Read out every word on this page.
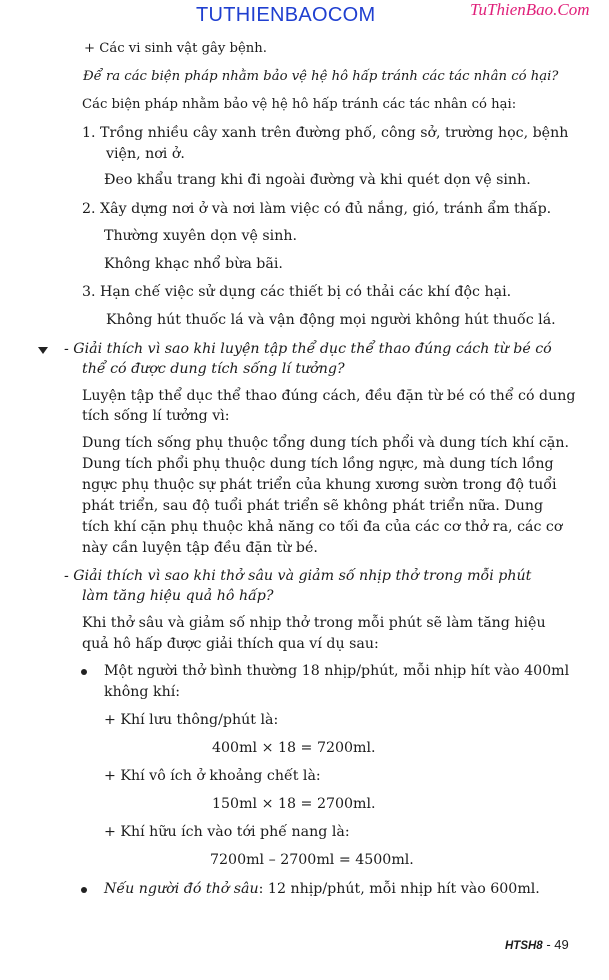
TUTHIENBAOCOM	TuThienBao.Com
+ Các vi sinh vật gây bệnh.
Để ra các biện pháp nhằm bảo vệ hệ hô hấp tránh các tác nhân có hại?
Các biện pháp nhằm bảo vệ hệ hô hấp tránh các tác nhân có hại:
1. Trồng nhiều cây xanh trên đường phố, công sở, trường học, bệnh
viện, nơi ở.
Đeo khẩu trang khi đi ngoài đường và khi quét dọn vệ sinh.
2. Xây dựng nơi ở và nơi làm việc có đủ nắng, gió, tránh ẩm thấp.
Thường xuyên dọn vệ sinh.
Không khạc nhổ bừa bãi.
3. Hạn chế việc sử dụng các thiết bị có thải các khí độc hại.
Không hút thuốc lá và vận động mọi người không hút thuốc lá.
- Giải thích vì sao khi luyện tập thể dục thể thao đúng cách từ bé có
thể có được dung tích sống lí tưởng?
Luyện tập thể dục thể thao đúng cách, đều đặn từ bé có thể có dung
tích sống lí tưởng vì:
Dung tích sống phụ thuộc tổng dung tích phổi và dung tích khí cặn.
Dung tích phổi phụ thuộc dung tích lồng ngực, mà dung tích lồng
ngực phụ thuộc sự phát triển của khung xương sườn trong độ tuổi
phát triển, sau độ tuổi phát triển sẽ không phát triển nữa. Dung
tích khí cặn phụ thuộc khả năng co tối đa của các cơ thở ra, các cơ
này cần luyện tập đều đặn từ bé.
- Giải thích vì sao khi thở sâu và giảm số nhịp thở trong mỗi phút
làm tăng hiệu quả hô hấp?
Khi thở sâu và giảm số nhịp thở trong mỗi phút sẽ làm tăng hiệu
quả hô hấp được giải thích qua ví dụ sau:
Một người thở bình thường 18 nhịp/phút, mỗi nhịp hít vào 400ml
không khí:
+ Khí lưu thông/phút là:
400ml × 18 = 7200ml.
+ Khí vô ích ở khoảng chết là:
150ml × 18 = 2700ml.
+ Khí hữu ích vào tới phế nang là:
7200ml – 2700ml = 4500ml.
Nếu người đó thở sâu: 12 nhịp/phút, mỗi nhịp hít vào 600ml.
HTSH8 - 49
